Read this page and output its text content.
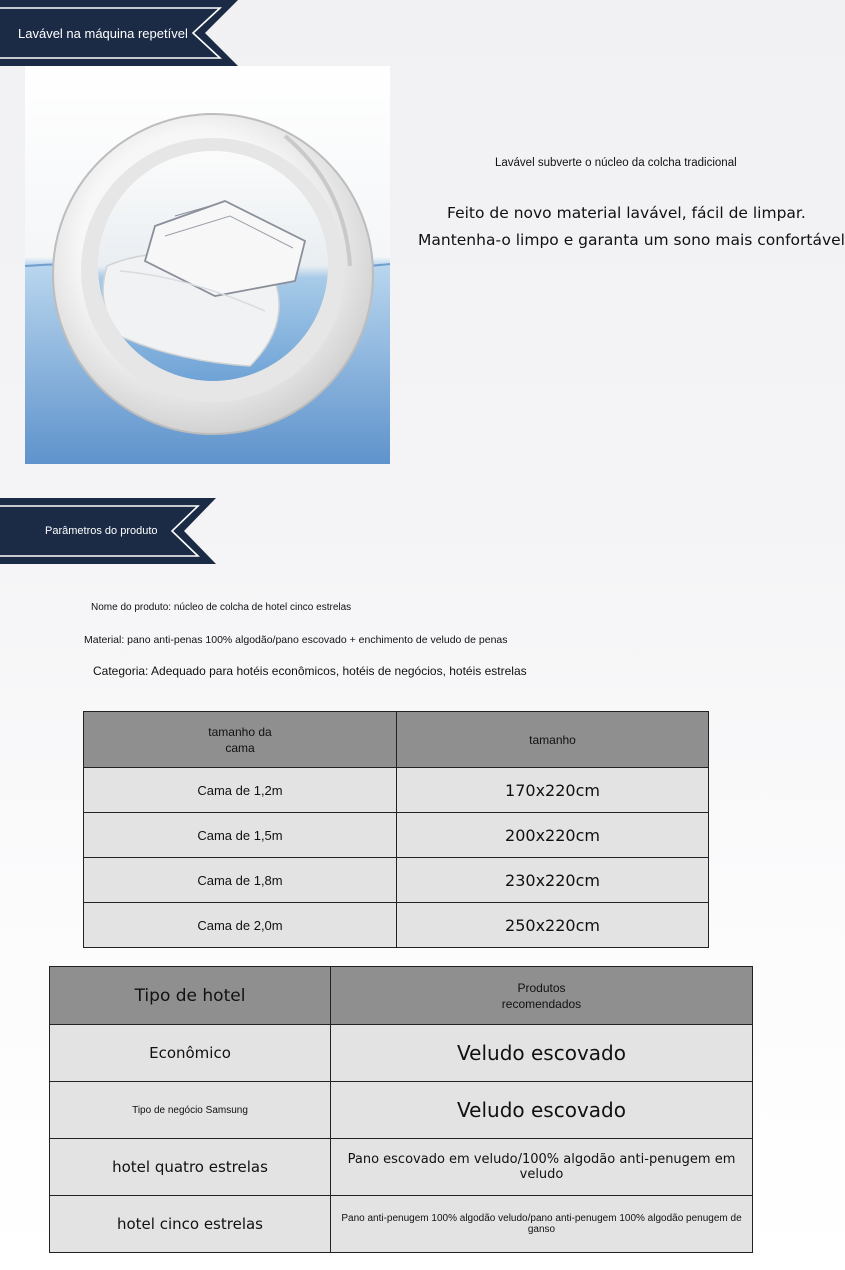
Lavável na máquina repetível
Lavável subverte o núcleo da colcha tradicional
Feito de novo material lavável, fácil de limpar.
Mantenha-o limpo e garanta um sono mais confortável
Parâmetros do produto
Nome do produto: núcleo de colcha de hotel cinco estrelas
Material: pano anti-penas 100% algodão/pano escovado + enchimento de veludo de penas
Categoria: Adequado para hotéis econômicos, hotéis de negócios, hotéis estrelas
tamanho da cama	tamanho
Cama de 1,2m	170x220cm
Cama de 1,5m	200x220cm
Cama de 1,8m	230x220cm
Cama de 2,0m	250x220cm
Tipo de hotel	Produtos recomendados
Econômico	Veludo escovado
Tipo de negócio Samsung	Veludo escovado
hotel quatro estrelas	Pano escovado em veludo/100% algodão anti-penugem em veludo
hotel cinco estrelas	Pano anti-penugem 100% algodão veludo/pano anti-penugem 100% algodão penugem de ganso
